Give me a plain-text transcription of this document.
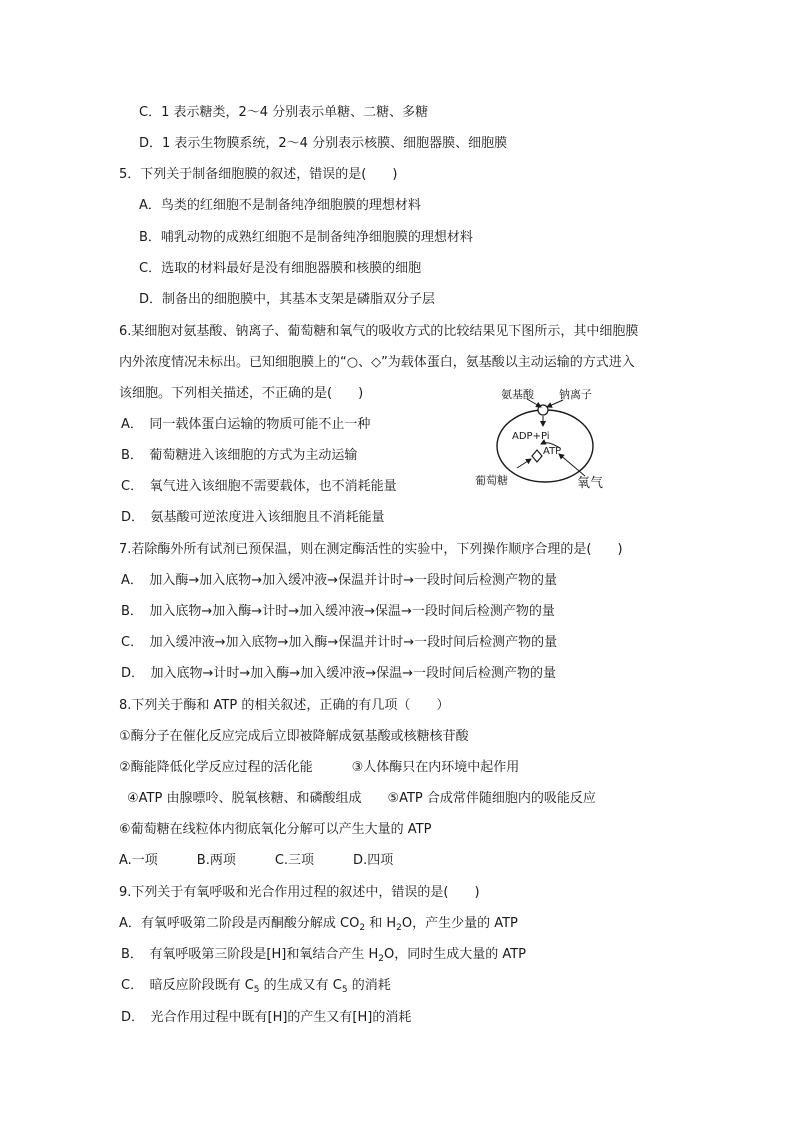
C．1 表示糖类，2～4 分别表示单糖、二糖、多糖
D．1 表示生物膜系统，2～4 分别表示核膜、细胞器膜、细胞膜
5．下列关于制备细胞膜的叙述，错误的是(　　)
A．鸟类的红细胞不是制备纯净细胞膜的理想材料
B．哺乳动物的成熟红细胞不是制备纯净细胞膜的理想材料
C．选取的材料最好是没有细胞器膜和核膜的细胞
D．制备出的细胞膜中，其基本支架是磷脂双分子层
6.某细胞对氨基酸、钠离子、葡萄糖和氧气的吸收方式的比较结果见下图所示，其中细胞膜
内外浓度情况未标出。已知细胞膜上的“○、◇”为载体蛋白，氨基酸以主动运输的方式进入
该细胞。下列相关描述，不正确的是(　　)
A．　同一载体蛋白运输的物质可能不止一种
B．　葡萄糖进入该细胞的方式为主动运输
C．　氧气进入该细胞不需要载体，也不消耗能量
D．　氨基酸可逆浓度进入该细胞且不消耗能量
氨基酸 钠离子
ADP+Pi
ATP
葡萄糖	氧气
7.若除酶外所有试剂已预保温，则在测定酶活性的实验中，下列操作顺序合理的是(　　)
A．　加入酶→加入底物→加入缓冲液→保温并计时→一段时间后检测产物的量
B．　加入底物→加入酶→计时→加入缓冲液→保温→一段时间后检测产物的量
C．　加入缓冲液→加入底物→加入酶→保温并计时→一段时间后检测产物的量
D．　加入底物→计时→加入酶→加入缓冲液→保温→一段时间后检测产物的量
8.下列关于酶和 ATP 的相关叙述，正确的有几项（　　）
①酶分子在催化反应完成后立即被降解成氨基酸或核糖核苷酸
②酶能降低化学反应过程的活化能　　　③人体酶只在内环境中起作用
④ATP 由腺嘌呤、脱氧核糖、和磷酸组成　　⑤ATP 合成常伴随细胞内的吸能反应
⑥葡萄糖在线粒体内彻底氧化分解可以产生大量的 ATP
A.一项　　　B.两项　　　C.三项　　　D.四项
9.下列关于有氧呼吸和光合作用过程的叙述中，错误的是(　　)
A．有氧呼吸第二阶段是丙酮酸分解成 $CO_2$ 和 $H_2O$，产生少量的 ATP
B．　有氧呼吸第三阶段是[H]和氧结合产生 $H_2O$，同时生成大量的 ATP
C．　暗反应阶段既有 $C_5$ 的生成又有 $C_5$ 的消耗
D．　光合作用过程中既有[H]的产生又有[H]的消耗
